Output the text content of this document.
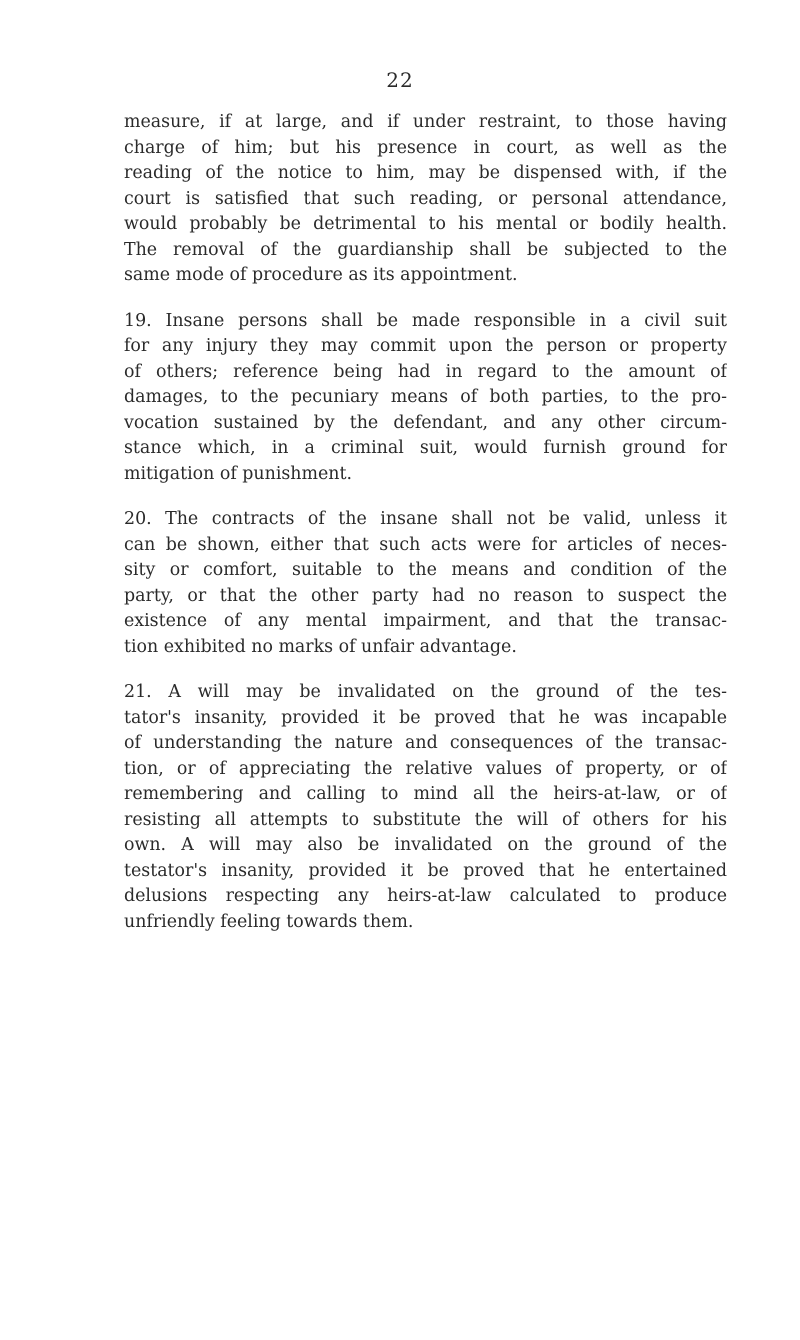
22
measure, if at large, and if under restraint, to those having
charge of him; but his presence in court, as well as the
reading of the notice to him, may be dispensed with, if the
court is satisfied that such reading, or personal attendance,
would probably be detrimental to his mental or bodily health.
The removal of the guardianship shall be subjected to the
same mode of procedure as its appointment.
19. Insane persons shall be made responsible in a civil suit
for any injury they may commit upon the person or property
of others; reference being had in regard to the amount of
damages, to the pecuniary means of both parties, to the pro-
vocation sustained by the defendant, and any other circum-
stance which, in a criminal suit, would furnish ground for
mitigation of punishment.
20. The contracts of the insane shall not be valid, unless it
can be shown, either that such acts were for articles of neces-
sity or comfort, suitable to the means and condition of the
party, or that the other party had no reason to suspect the
existence of any mental impairment, and that the transac-
tion exhibited no marks of unfair advantage.
21. A will may be invalidated on the ground of the tes-
tator's insanity, provided it be proved that he was incapable
of understanding the nature and consequences of the transac-
tion, or of appreciating the relative values of property, or of
remembering and calling to mind all the heirs-at-law, or of
resisting all attempts to substitute the will of others for his
own. A will may also be invalidated on the ground of the
testator's insanity, provided it be proved that he entertained
delusions respecting any heirs-at-law calculated to produce
unfriendly feeling towards them.
